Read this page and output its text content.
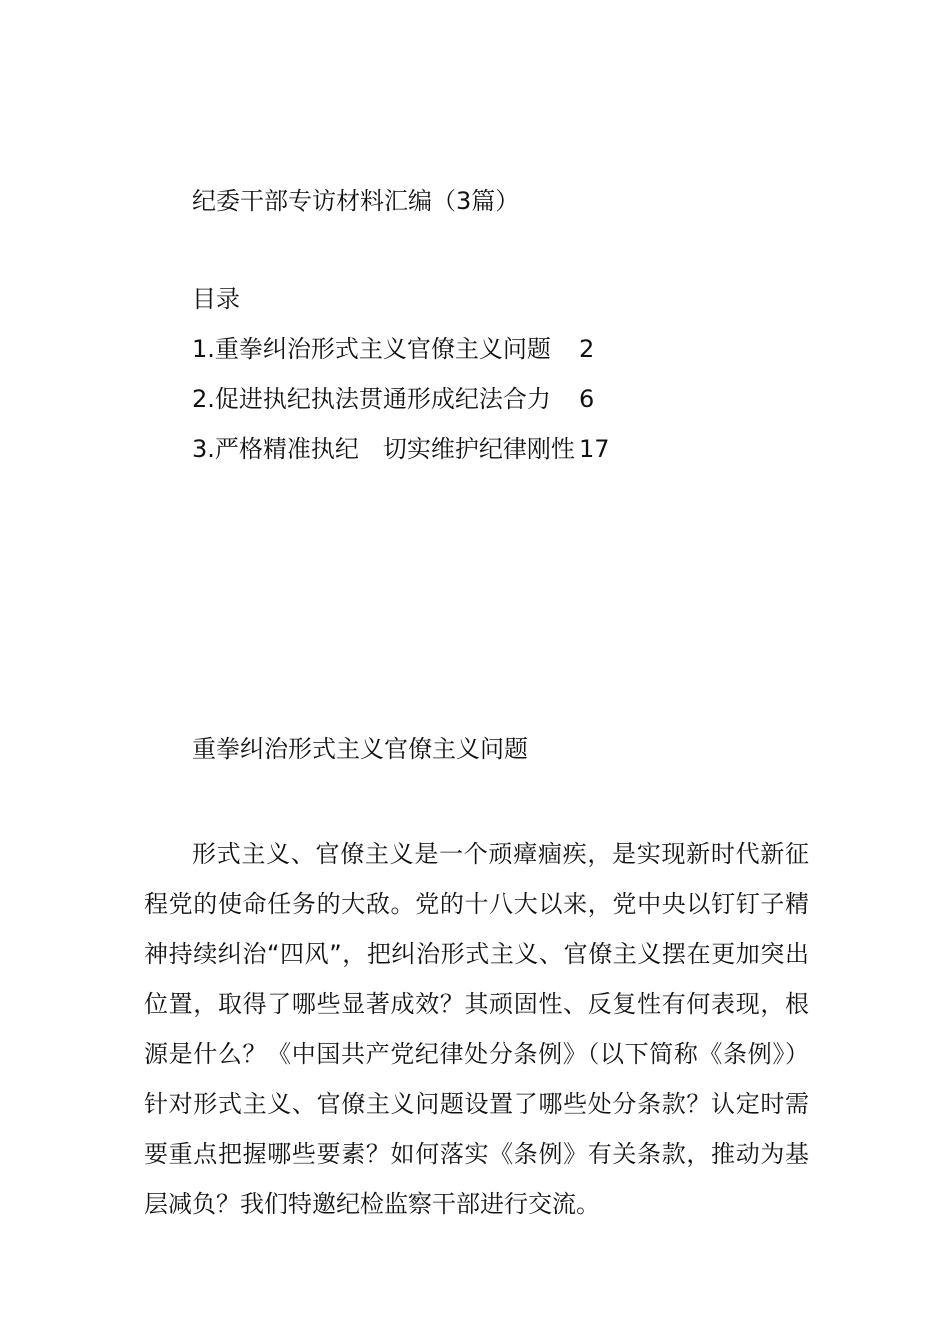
纪委干部专访材料汇编（3篇）
目录
1.重拳纠治形式主义官僚主义问题	2
2.促进执纪执法贯通形成纪法合力	6
3.严格精准执纪　切实维护纪律刚性 17
重拳纠治形式主义官僚主义问题

形式主义、官僚主义是一个顽瘴痼疾，是实现新时代新征程党的使命任务的大敌。党的十八大以来，党中央以钉钉子精神持续纠治“四风”，把纠治形式主义、官僚主义摆在更加突出位置，取得了哪些显著成效？其顽固性、反复性有何表现，根源是什么？《中国共产党纪律处分条例》（以下简称《条例》）针对形式主义、官僚主义问题设置了哪些处分条款？认定时需要重点把握哪些要素？如何落实《条例》有关条款，推动为基层减负？我们特邀纪检监察干部进行交流。
